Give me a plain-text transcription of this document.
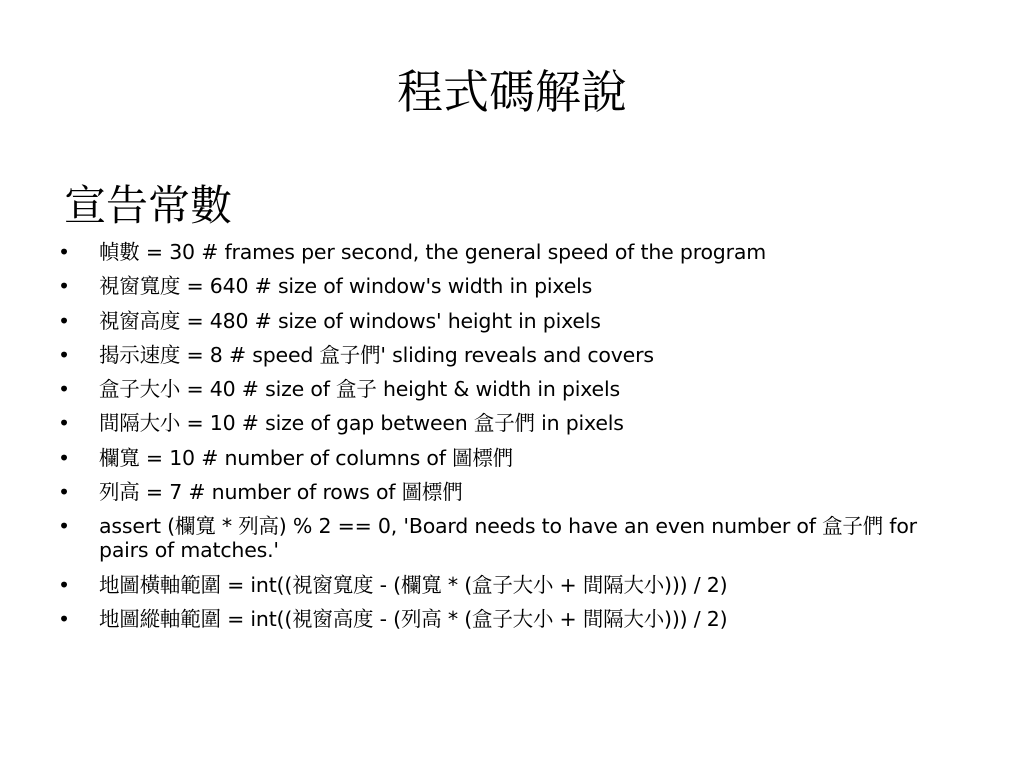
程式碼解說
宣告常數
•	幀數 = 30 # frames per second, the general speed of the program
•	視窗寬度 = 640 # size of window's width in pixels
•	視窗高度 = 480 # size of windows' height in pixels
•	揭示速度 = 8 # speed 盒子們' sliding reveals and covers
•	盒子大小 = 40 # size of 盒子 height & width in pixels
•	間隔大小 = 10 # size of gap between 盒子們 in pixels
•	欄寬 = 10 # number of columns of 圖標們
•	列高 = 7 # number of rows of 圖標們
•	assert (欄寬 * 列高) % 2 == 0, 'Board needs to have an even number of 盒子們 for pairs of matches.'
•	地圖橫軸範圍 = int((視窗寬度 - (欄寬 * (盒子大小 + 間隔大小))) / 2)
•	地圖縱軸範圍 = int((視窗高度 - (列高 * (盒子大小 + 間隔大小))) / 2)
